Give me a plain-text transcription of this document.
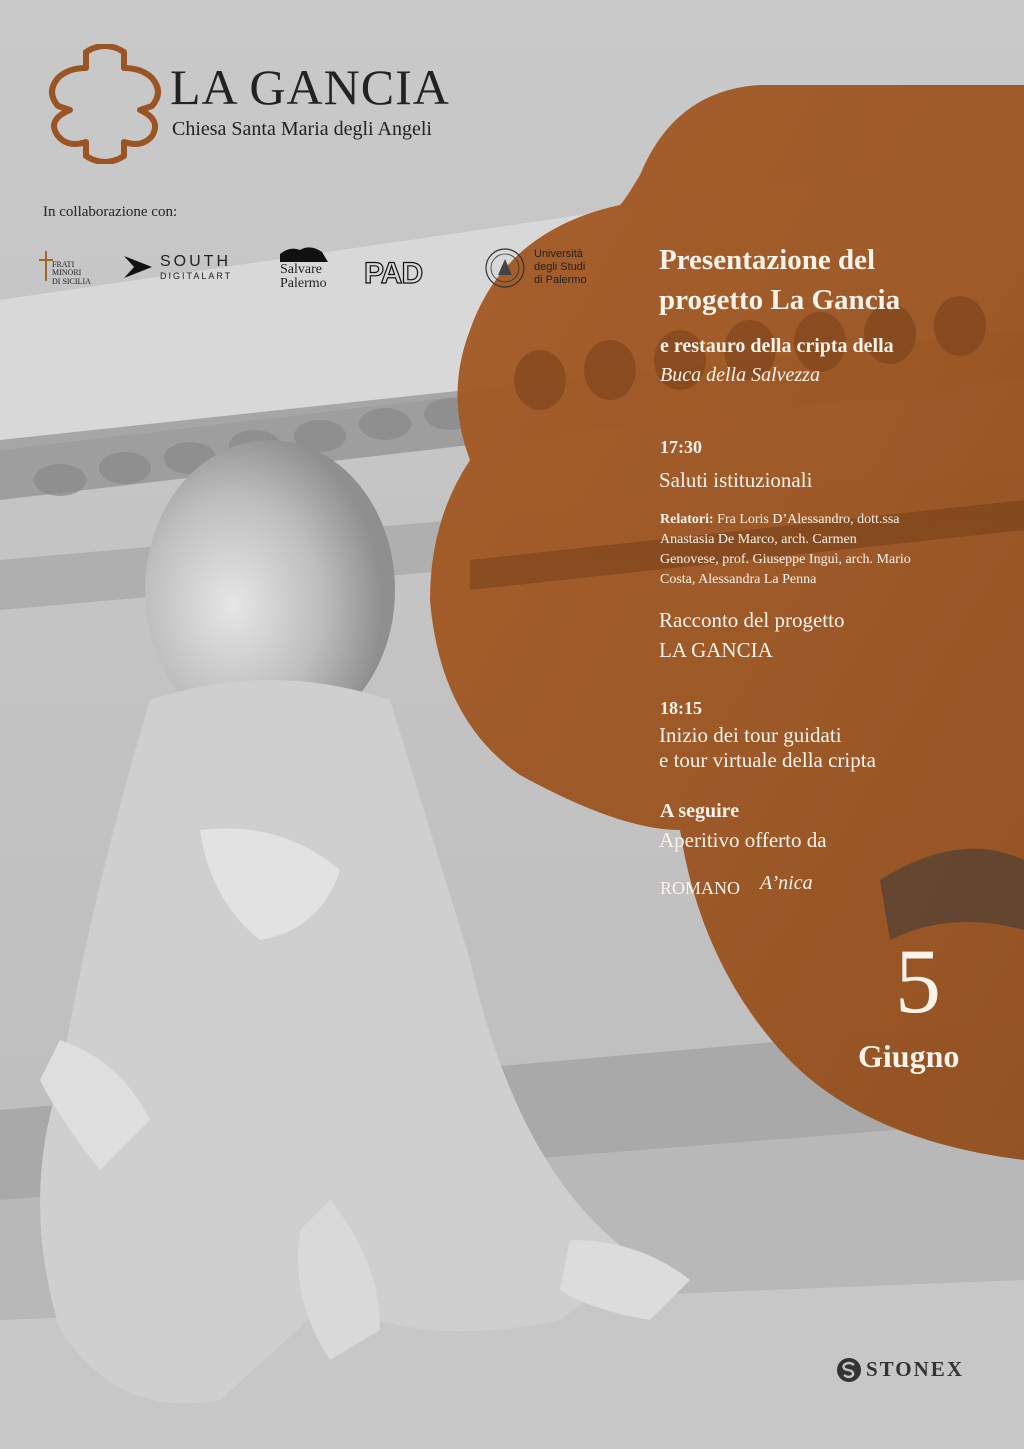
LA GANCIA
Chiesa Santa Maria degli Angeli
In collaborazione con:
FRATI
MINORI
DI SICILIA
SOUTH
DIGITALART	Salvare
Palermo PAD
Università
degli Studi
di Palermo
Presentazione del
progetto La Gancia
e restauro della cripta della
Buca della Salvezza
17:30
Saluti istituzionali
Relatori: Fra Loris D’Alessandro, dott.ssa
Anastasia De Marco, arch. Carmen
Genovese, prof. Giuseppe Inguì, arch. Mario
Costa, Alessandra La Penna
Racconto del progetto
LA GANCIA
18:15
Inizio dei tour guidati
e tour virtuale della cripta
A seguire
Aperitivo offerto da
ROMANO A’nica
5
Giugno
STONEX
